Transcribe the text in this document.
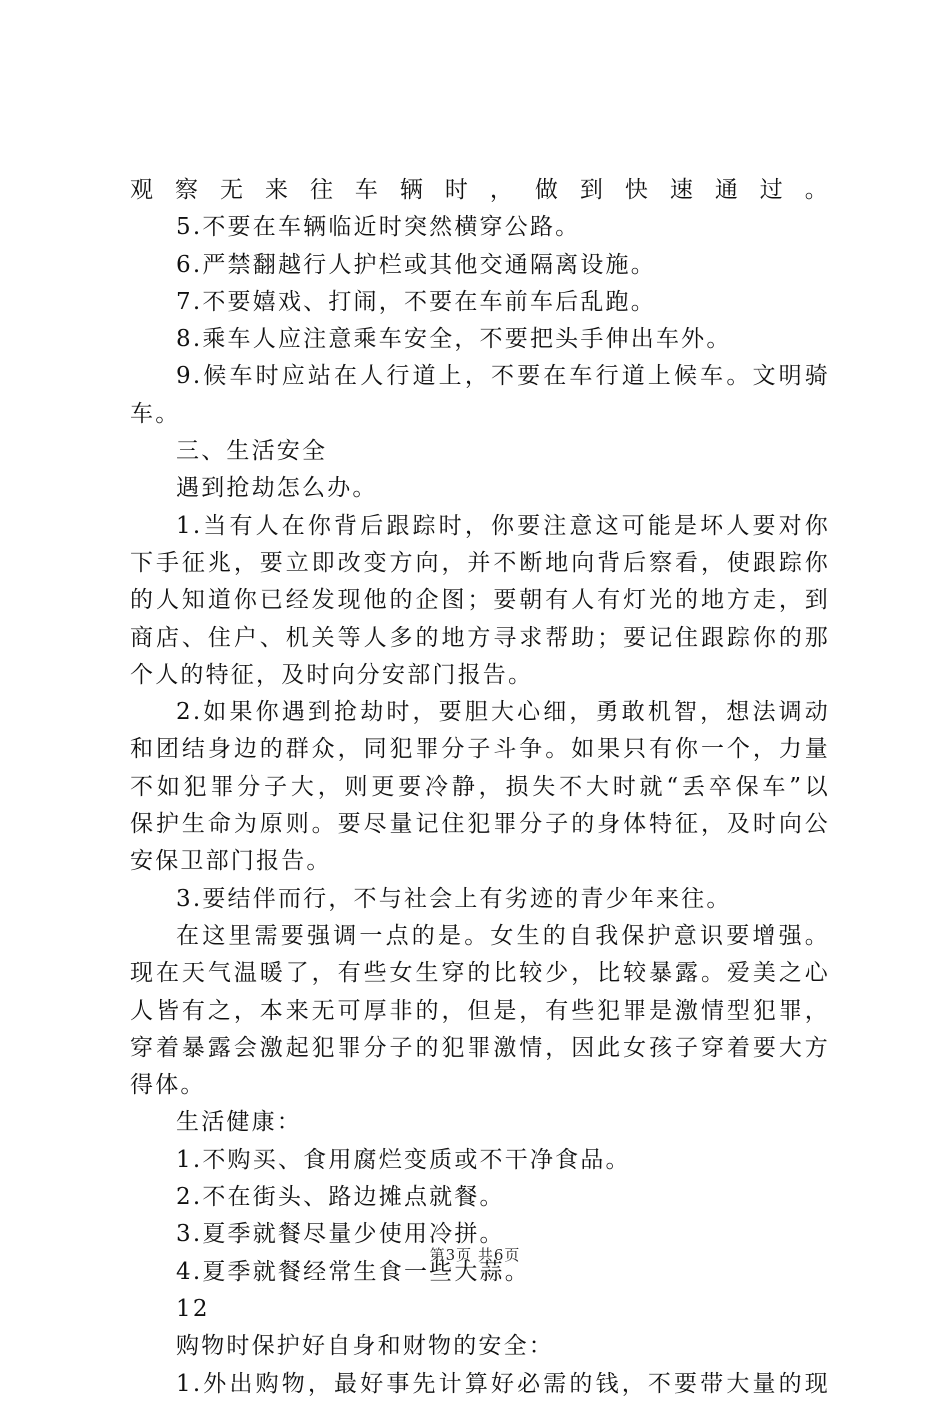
观察无来往车辆时，做到快速通过。
5.不要在车辆临近时突然横穿公路。
6.严禁翻越行人护栏或其他交通隔离设施。
7.不要嬉戏、打闹，不要在车前车后乱跑。
8.乘车人应注意乘车安全，不要把头手伸出车外。
9.候车时应站在人行道上，不要在车行道上候车。文明骑
车。
三、生活安全
遇到抢劫怎么办。
1.当有人在你背后跟踪时，你要注意这可能是坏人要对你
下手征兆，要立即改变方向，并不断地向背后察看，使跟踪你
的人知道你已经发现他的企图；要朝有人有灯光的地方走，到
商店、住户、机关等人多的地方寻求帮助；要记住跟踪你的那
个人的特征，及时向分安部门报告。
2.如果你遇到抢劫时，要胆大心细，勇敢机智，想法调动
和团结身边的群众，同犯罪分子斗争。如果只有你一个，力量
不如犯罪分子大，则更要冷静，损失不大时就“丢卒保车”以
保护生命为原则。要尽量记住犯罪分子的身体特征，及时向公
安保卫部门报告。
3.要结伴而行，不与社会上有劣迹的青少年来往。
在这里需要强调一点的是。女生的自我保护意识要增强。
现在天气温暖了，有些女生穿的比较少，比较暴露。爱美之心
人皆有之，本来无可厚非的，但是，有些犯罪是激情型犯罪，
穿着暴露会激起犯罪分子的犯罪激情，因此女孩子穿着要大方
得体。
生活健康：
1.不购买、食用腐烂变质或不干净食品。
2.不在街头、路边摊点就餐。
3.夏季就餐尽量少使用冷拼。
4.夏季就餐经常生食一些大蒜。
12
购物时保护好自身和财物的安全：
1.外出购物，最好事先计算好必需的钱，不要带大量的现
第3页 共6页
